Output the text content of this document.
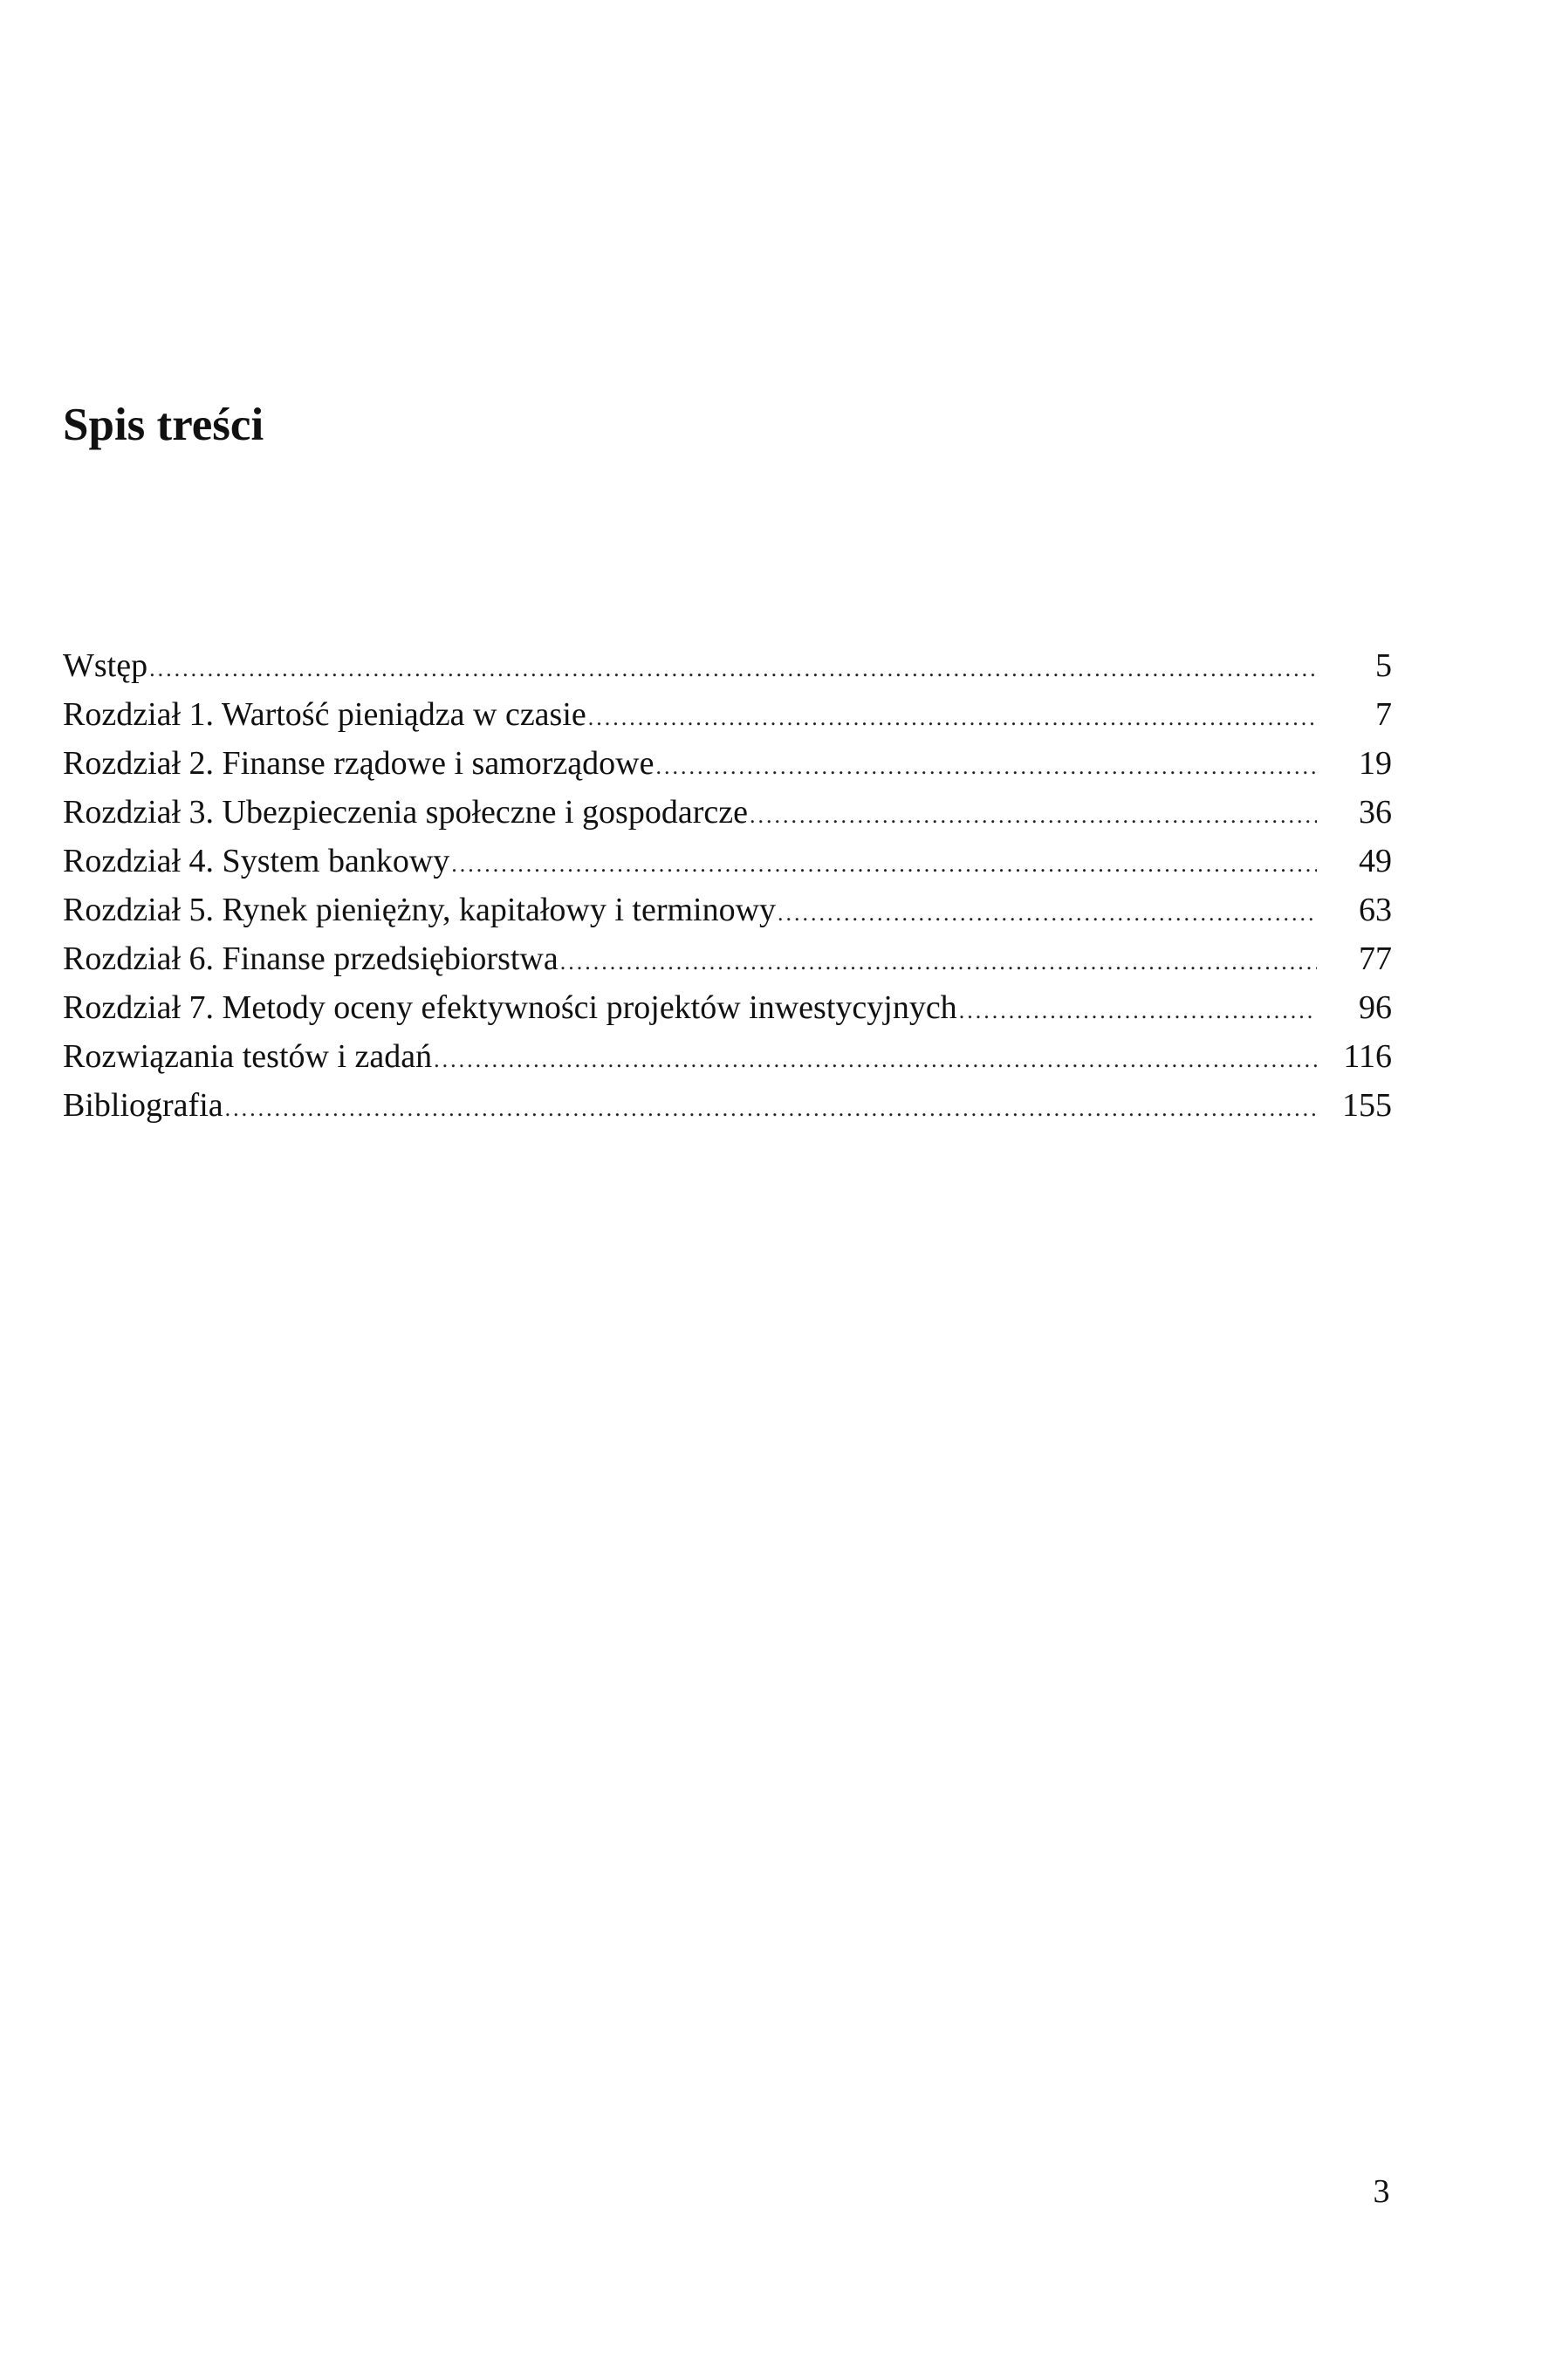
Spis treści
Wstęp .....	5
Rozdział 1. Wartość pieniądza w czasie .....	7
Rozdział 2. Finanse rządowe i samorządowe .....	19
Rozdział 3. Ubezpieczenia społeczne i gospodarcze .....	36
Rozdział 4. System bankowy .....	49
Rozdział 5. Rynek pieniężny, kapitałowy i terminowy .....	63
Rozdział 6. Finanse przedsiębiorstwa .....	77
Rozdział 7. Metody oceny efektywności projektów inwestycyjnych .....	96
Rozwiązania testów i zadań .....	116
Bibliografia .....	155
3
